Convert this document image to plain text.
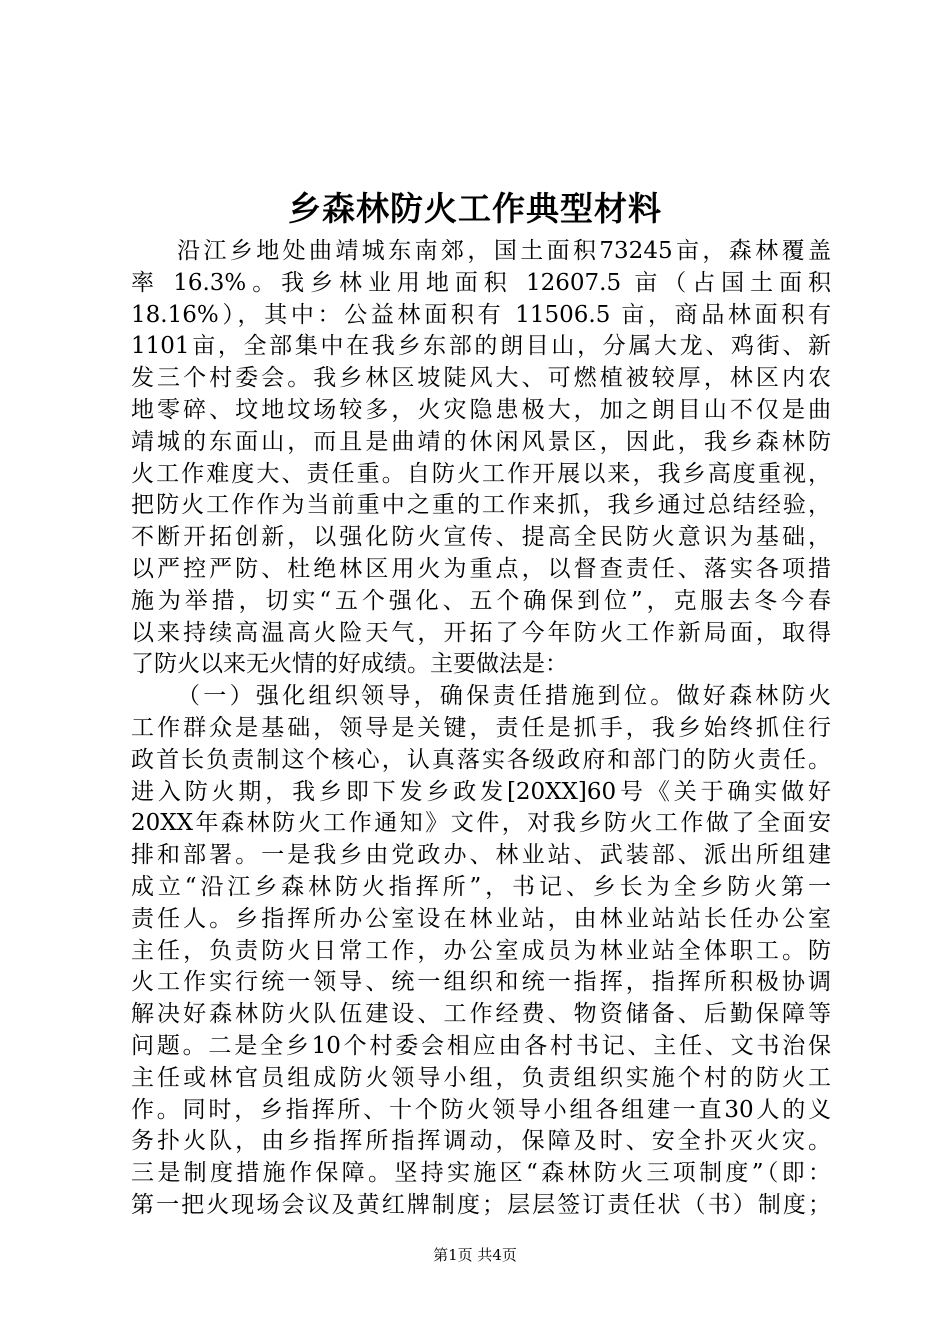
乡森林防火工作典型材料
沿江乡地处曲靖城东南郊，国土面积73245亩，森林覆盖
率 16.3%。我乡林业用地面积 12607.5 亩（占国土面积
18.16%），其中：公益林面积有 11506.5 亩，商品林面积有
1101亩，全部集中在我乡东部的朗目山，分属大龙、鸡街、新
发三个村委会。我乡林区坡陡风大、可燃植被较厚，林区内农
地零碎、坟地坟场较多，火灾隐患极大，加之朗目山不仅是曲
靖城的东面山，而且是曲靖的休闲风景区，因此，我乡森林防
火工作难度大、责任重。自防火工作开展以来，我乡高度重视，
把防火工作作为当前重中之重的工作来抓，我乡通过总结经验，
不断开拓创新，以强化防火宣传、提高全民防火意识为基础，
以严控严防、杜绝林区用火为重点，以督查责任、落实各项措
施为举措，切实“五个强化、五个确保到位”，克服去冬今春
以来持续高温高火险天气，开拓了今年防火工作新局面，取得
了防火以来无火情的好成绩。主要做法是：
（一）强化组织领导，确保责任措施到位。做好森林防火
工作群众是基础，领导是关键，责任是抓手，我乡始终抓住行
政首长负责制这个核心，认真落实各级政府和部门的防火责任。
进入防火期，我乡即下发乡政发[20XX]60号《关于确实做好
20XX年森林防火工作通知》文件，对我乡防火工作做了全面安
排和部署。一是我乡由党政办、林业站、武装部、派出所组建
成立“沿江乡森林防火指挥所”，书记、乡长为全乡防火第一
责任人。乡指挥所办公室设在林业站，由林业站站长任办公室
主任，负责防火日常工作，办公室成员为林业站全体职工。防
火工作实行统一领导、统一组织和统一指挥，指挥所积极协调
解决好森林防火队伍建设、工作经费、物资储备、后勤保障等
问题。二是全乡10个村委会相应由各村书记、主任、文书治保
主任或林官员组成防火领导小组，负责组织实施个村的防火工
作。同时，乡指挥所、十个防火领导小组各组建一直30人的义
务扑火队，由乡指挥所指挥调动，保障及时、安全扑灭火灾。
三是制度措施作保障。坚持实施区“森林防火三项制度”（即：
第一把火现场会议及黄红牌制度；层层签订责任状（书）制度；
第1页 共4页
